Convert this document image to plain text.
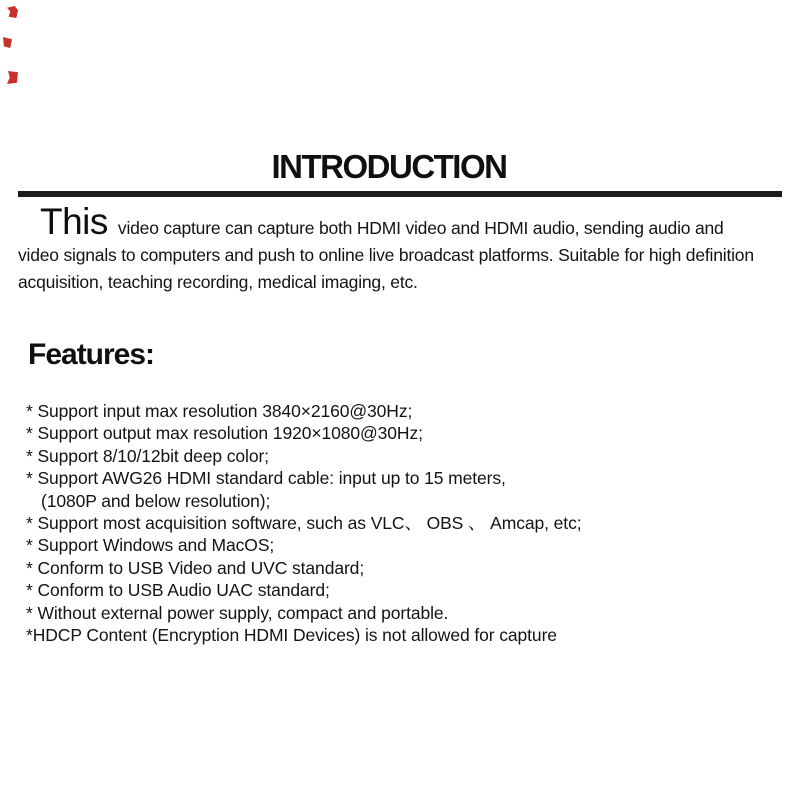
INTRODUCTION
This video capture can capture both HDMI video and HDMI audio, sending audio and
video signals to computers and push to online live broadcast platforms. Suitable for high definition
acquisition, teaching recording, medical imaging, etc.
Features:
* Support input max resolution 3840×2160@30Hz;
* Support output max resolution 1920×1080@30Hz;
* Support 8/10/12bit deep color;
* Support AWG26 HDMI standard cable: input up to 15 meters,
(1080P and below resolution);
* Support most acquisition software, such as VLC、 OBS 、 Amcap, etc;
* Support Windows and MacOS;
* Conform to USB Video and UVC standard;
* Conform to USB Audio UAC standard;
* Without external power supply, compact and portable.
*HDCP Content (Encryption HDMI Devices) is not allowed for capture
